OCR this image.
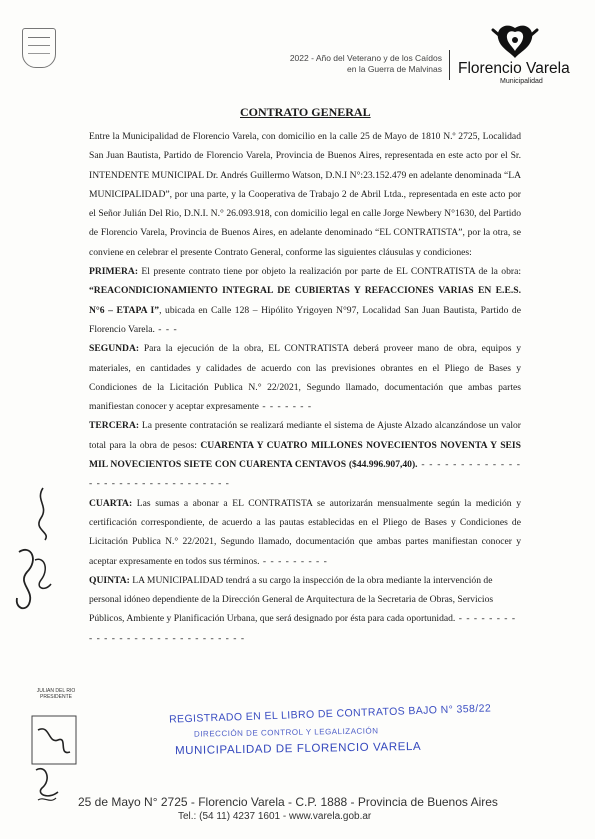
2022 - Año del Veterano y de los Caídos
en la Guerra de Malvinas Florencio Varela
Municipalidad
CONTRATO GENERAL

Entre la Municipalidad de Florencio Varela, con domicilio en la calle 25 de Mayo de 1810 N.º 2725, Localidad San Juan Bautista, Partido de Florencio Varela, Provincia de Buenos Aires, representada en este acto por el Sr. INTENDENTE MUNICIPAL Dr. Andrés Guillermo Watson, D.N.I N°:23.152.479 en adelante denominada “LA MUNICIPALIDAD”, por una parte, y la Cooperativa de Trabajo 2 de Abril Ltda., representada en este acto por el Señor Julián Del Rio, D.N.I. N.° 26.093.918, con domicilio legal en calle Jorge Newbery N°1630, del Partido de Florencio Varela, Provincia de Buenos Aires, en adelante denominado “EL CONTRATISTA”, por la otra, se conviene en celebrar el presente Contrato General, conforme las siguientes cláusulas y condiciones:

PRIMERA: El presente contrato tiene por objeto la realización por parte de EL CONTRATISTA de la obra: “REACONDICIONAMIENTO INTEGRAL DE CUBIERTAS Y REFACCIONES VARIAS EN E.E.S. N°6 – ETAPA I”, ubicada en Calle 128 – Hipólito Yrigoyen N°97, Localidad San Juan Bautista, Partido de Florencio Varela. - - -

SEGUNDA: Para la ejecución de la obra, EL CONTRATISTA deberá proveer mano de obra, equipos y materiales, en cantidades y calidades de acuerdo con las previsiones obrantes en el Pliego de Bases y Condiciones de la Licitación Publica N.° 22/2021, Segundo llamado, documentación que ambas partes manifiestan conocer y aceptar expresamente - - - - - - -

TERCERA: La presente contratación se realizará mediante el sistema de Ajuste Alzado alcanzándose un valor total para la obra de pesos: CUARENTA Y CUATRO MILLONES NOVECIENTOS NOVENTA Y SEIS MIL NOVECIENTOS SIETE CON CUARENTA CENTAVOS ($44.996.907,40). - - - - - - - - - - - - - - - - - - - - - - - - - - - - - - - -

CUARTA: Las sumas a abonar a EL CONTRATISTA se autorizarán mensualmente según la medición y certificación correspondiente, de acuerdo a las pautas establecidas en el Pliego de Bases y Condiciones de Licitación Publica N.° 22/2021, Segundo llamado, documentación que ambas partes manifiestan conocer y aceptar expresamente en todos sus términos. - - - - - - - - -

QUINTA: LA MUNICIPALIDAD tendrá a su cargo la inspección de la obra mediante la intervención de personal idóneo dependiente de la Dirección General de Arquitectura de la Secretaria de Obras, Servicios Públicos, Ambiente y Planificación Urbana, que será designado por ésta para cada oportunidad. - - - - - - - - - - - - - - - - - - - - - - - - - - - - -

JULIAN DEL RIO PRESIDENTE
REGISTRADO EN EL LIBRO DE CONTRATOS BAJO N° 358/22
DIRECCIÓN DE CONTROL Y LEGALIZACIÓN
MUNICIPALIDAD DE FLORENCIO VARELA
25 de Mayo N° 2725 - Florencio Varela - C.P. 1888 - Provincia de Buenos Aires
Tel.: (54 11) 4237 1601 - www.varela.gob.ar
